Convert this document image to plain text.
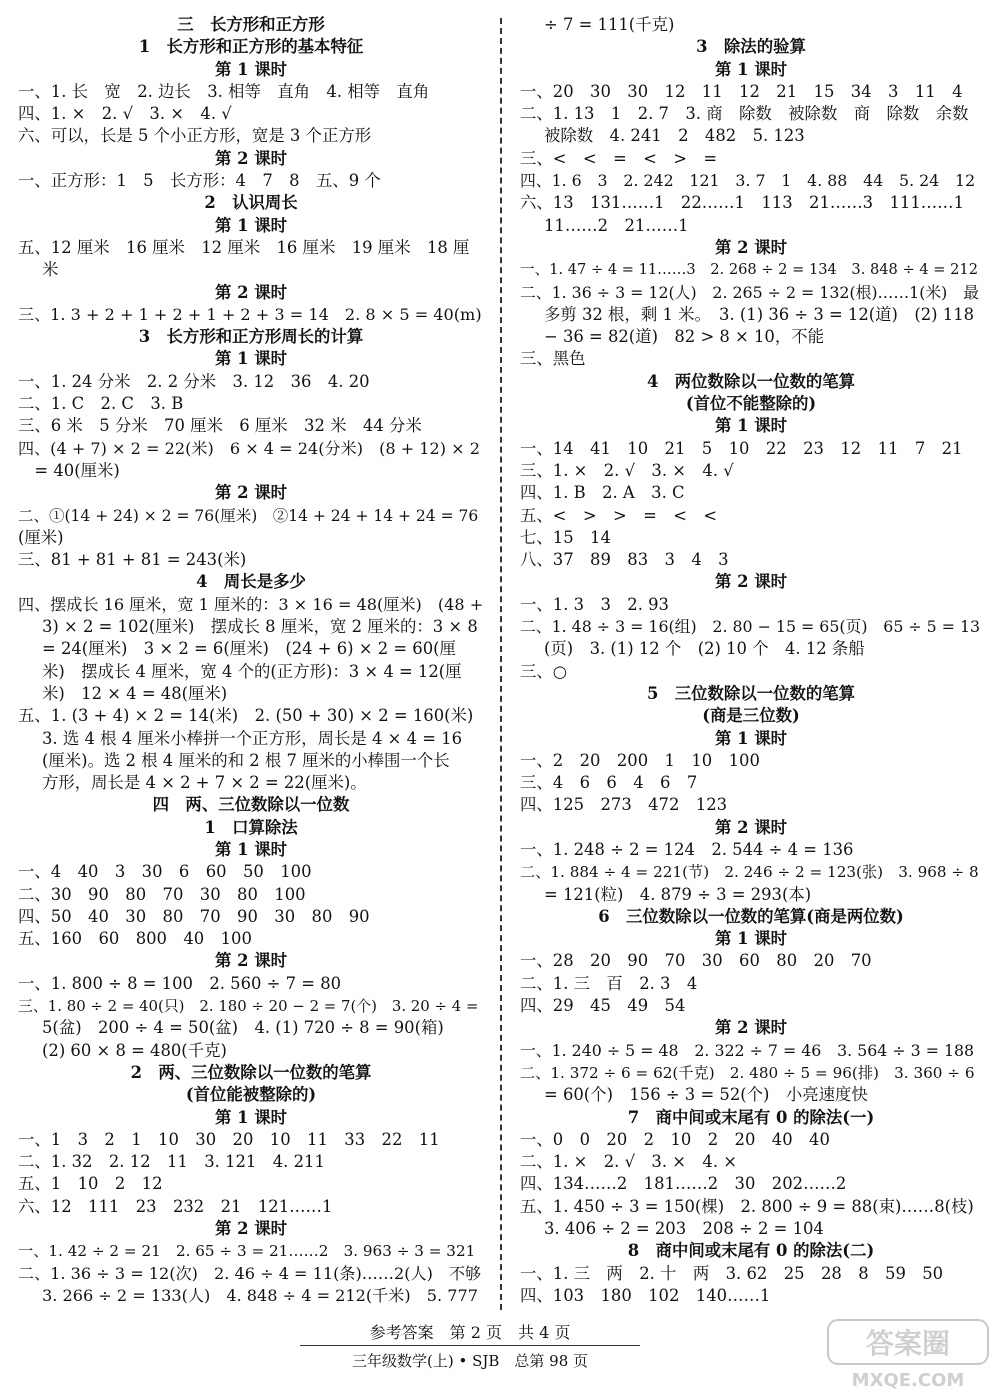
三　长方形和正方形
1　长方形和正方形的基本特征
第 1 课时
一、1. 长　宽　2. 边长　3. 相等　直角　4. 相等　直角
四、1. ×　2. √　3. ×　4. √
六、可以，长是 5 个小正方形，宽是 3 个正方形
第 2 课时
一、正方形：1　5　长方形：4　7　8　五、9 个
2　认识周长
第 1 课时
五、12 厘米　16 厘米　12 厘米　16 厘米　19 厘米　18 厘
米
第 2 课时
三、1. 3 + 2 + 1 + 2 + 1 + 2 + 3 = 14　2. 8 × 5 = 40(m)
3　长方形和正方形周长的计算
第 1 课时
一、1. 24 分米　2. 2 分米　3. 12　36　4. 20
二、1. C　2. C　3. B
三、6 米　5 分米　70 厘米　6 厘米　32 米　44 分米
四、(4 + 7) × 2 = 22(米)　6 × 4 = 24(分米)　(8 + 12) × 2
　= 40(厘米)
第 2 课时
二、①(14 + 24) × 2 = 76(厘米)　②14 + 24 + 14 + 24 = 76
(厘米)
三、81 + 81 + 81 = 243(米)
4　周长是多少
四、摆成长 16 厘米，宽 1 厘米的：3 × 16 = 48(厘米)　(48 +
3) × 2 = 102(厘米)　摆成长 8 厘米，宽 2 厘米的：3 × 8
= 24(厘米)　3 × 2 = 6(厘米)　(24 + 6) × 2 = 60(厘
米)　摆成长 4 厘米，宽 4 个的(正方形)：3 × 4 = 12(厘
米)　12 × 4 = 48(厘米)
五、1. (3 + 4) × 2 = 14(米)　2. (50 + 30) × 2 = 160(米)
3. 选 4 根 4 厘米小棒拼一个正方形，周长是 4 × 4 = 16
(厘米)。选 2 根 4 厘米的和 2 根 7 厘米的小棒围一个长
方形，周长是 4 × 2 + 7 × 2 = 22(厘米)。
四　两、三位数除以一位数
1　口算除法
第 1 课时
一、4　40　3　30　6　60　50　100
二、30　90　80　70　30　80　100
四、50　40　30　80　70　90　30　80　90
五、160　60　800　40　100
第 2 课时
一、1. 800 ÷ 8 = 100　2. 560 ÷ 7 = 80
三、1. 80 ÷ 2 = 40(只)　2. 180 ÷ 20 − 2 = 7(个)　3. 20 ÷ 4 =
5(盆)　200 ÷ 4 = 50(盆)　4. (1) 720 ÷ 8 = 90(箱)
(2) 60 × 8 = 480(千克)
2　两、三位数除以一位数的笔算
(首位能被整除的)
第 1 课时
一、1　3　2　1　10　30　20　10　11　33　22　11
二、1. 32　2. 12　11　3. 121　4. 211
五、1　10　2　12
六、12　111　23　232　21　121……1
第 2 课时
一、1. 42 ÷ 2 = 21　2. 65 ÷ 3 = 21……2　3. 963 ÷ 3 = 321
二、1. 36 ÷ 3 = 12(次)　2. 46 ÷ 4 = 11(条)……2(人)　不够
3. 266 ÷ 2 = 133(人)　4. 848 ÷ 4 = 212(千米)　5. 777
÷ 7 = 111(千克)
3　除法的验算
第 1 课时
一、20　30　30　12　11　12　21　15　34　3　11　4
二、1. 13　1　2. 7　3. 商　除数　被除数　商　除数　余数
被除数　4. 241　2　482　5. 123
三、<　<　=　<　>　=
四、1. 6　3　2. 242　121　3. 7　1　4. 88　44　5. 24　12
六、13　131……1　22……1　113　21……3　111……1
11……2　21……1
第 2 课时
一、1. 47 ÷ 4 = 11……3　2. 268 ÷ 2 = 134　3. 848 ÷ 4 = 212
二、1. 36 ÷ 3 = 12(人)　2. 265 ÷ 2 = 132(根)……1(米)　最
多剪 32 根，剩 1 米。　3. (1) 36 ÷ 3 = 12(道)　(2) 118
− 36 = 82(道)　82 > 8 × 10，不能
三、黑色
4　两位数除以一位数的笔算
(首位不能整除的)
第 1 课时
一、14　41　10　21　5　10　22　23　12　11　7　21
三、1. ×　2. √　3. ×　4. √
四、1. B　2. A　3. C
五、<　>　>　=　<　<
七、15　14
八、37　89　83　3　4　3
第 2 课时
一、1. 3　3　2. 93
二、1. 48 ÷ 3 = 16(组)　2. 80 − 15 = 65(页)　65 ÷ 5 = 13
(页)　3. (1) 12 个　(2) 10 个　4. 12 条船
三、○
5　三位数除以一位数的笔算
(商是三位数)
第 1 课时
一、2　20　200　1　10　100
三、4　6　6　4　6　7
四、125　273　472　123
第 2 课时
一、1. 248 ÷ 2 = 124　2. 544 ÷ 4 = 136
二、1. 884 ÷ 4 = 221(节)　2. 246 ÷ 2 = 123(张)　3. 968 ÷ 8
= 121(粒)　4. 879 ÷ 3 = 293(本)
6　三位数除以一位数的笔算(商是两位数)
第 1 课时
一、28　20　90　70　30　60　80　20　70
二、1. 三　百　2. 3　4
四、29　45　49　54
第 2 课时
一、1. 240 ÷ 5 = 48　2. 322 ÷ 7 = 46　3. 564 ÷ 3 = 188
二、1. 372 ÷ 6 = 62(千克)　2. 480 ÷ 5 = 96(排)　3. 360 ÷ 6
= 60(个)　156 ÷ 3 = 52(个)　小亮速度快
7　商中间或末尾有 0 的除法(一)
一、0　0　20　2　10　2　20　40　40
二、1. ×　2. √　3. ×　4. ×
四、134……2　181……2　30　202……2
五、1. 450 ÷ 3 = 150(棵)　2. 800 ÷ 9 = 88(束)……8(枝)
3. 406 ÷ 2 = 203　208 ÷ 2 = 104
8　商中间或末尾有 0 的除法(二)
一、1. 三　两　2. 十　两　3. 62　25　28　8　59　50
四、103　180　102　140……1
参考答案　第 2 页　共 4 页
三年级数学(上) • SJB　总第 98 页
答案圈
MXQE.COM
